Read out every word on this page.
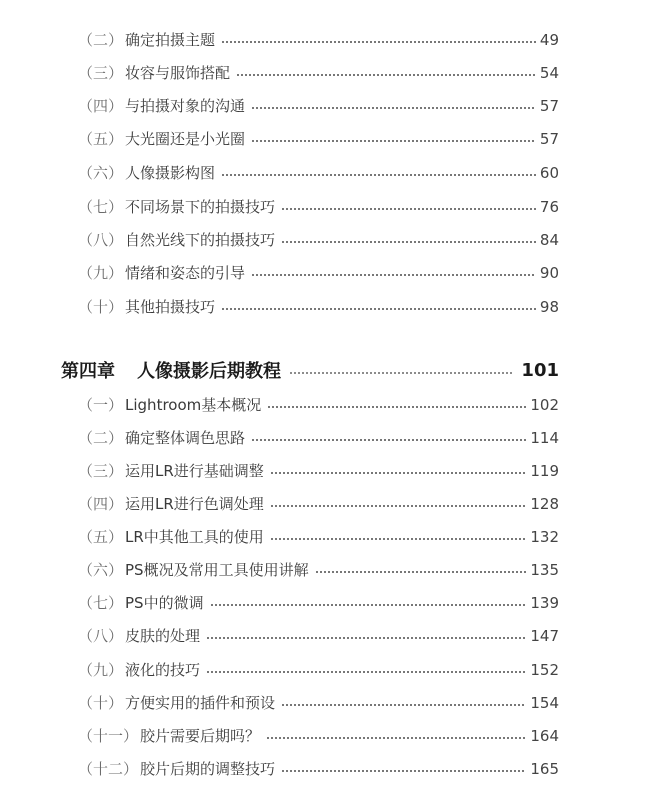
（二） 确定拍摄主题	49
（三） 妆容与服饰搭配	54
（四） 与拍摄对象的沟通	57
（五） 大光圈还是小光圈	57
（六） 人像摄影构图	60
（七） 不同场景下的拍摄技巧	76
（八） 自然光线下的拍摄技巧	84
（九） 情绪和姿态的引导	90
（十） 其他拍摄技巧	98
第四章 人像摄影后期教程	101
（一） Lightroom基本概况	102
（二） 确定整体调色思路	114
（三） 运用LR进行基础调整	119
（四） 运用LR进行色调处理	128
（五） LR中其他工具的使用	132
（六） PS概况及常用工具使用讲解	135
（七） PS中的微调	139
（八） 皮肤的处理	147
（九） 液化的技巧	152
（十） 方便实用的插件和预设	154
（十一） 胶片需要后期吗？	164
（十二） 胶片后期的调整技巧	165
